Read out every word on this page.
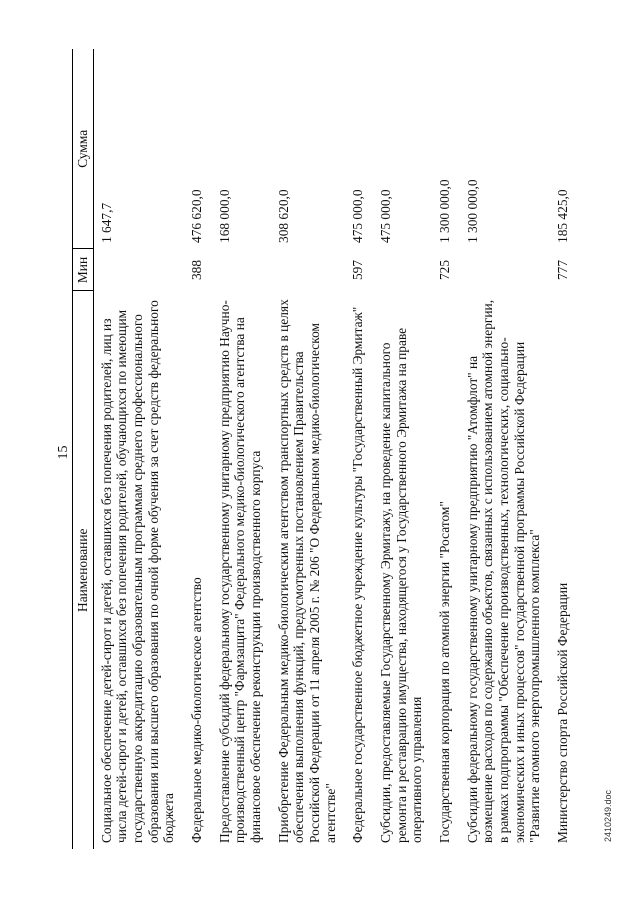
15
Наименование	Мин	Сумма
Социальное обеспечение детей-сирот и детей, оставшихся без попечения родителей, лиц из числа детей-сирот и детей, оставшихся без попечения родителей, обучающихся по имеющим государственную аккредитацию образовательным программам среднего профессионального образования или высшего образования по очной форме обучения за счет средств федерального бюджета		1 647,7
Федеральное медико-биологическое агентство	388	476 620,0
Предоставление субсидий федеральному государственному унитарному предприятию Научно-производственный центр "Фармзащита" Федерального медико-биологического агентства на финансовое обеспечение реконструкции производственного корпуса		168 000,0
Приобретение Федеральным медико-биологическим агентством транспортных средств в целях обеспечения выполнения функций, предусмотренных постановлением Правительства Российской Федерации от 11 апреля 2005 г. № 206 "О Федеральном медико-биологическом агентстве"		308 620,0
Федеральное государственное бюджетное учреждение культуры "Государственный Эрмитаж"	597	475 000,0
Субсидии, предоставляемые Государственному Эрмитажу, на проведение капитального ремонта и реставрацию имущества, находящегося у Государственного Эрмитажа на праве оперативного управления		475 000,0
Государственная корпорация по атомной энергии "Росатом"	725	1 300 000,0
Субсидии федеральному государственному унитарному предприятию "Атомфлот" на возмещение расходов по содержанию объектов, связанных с использованием атомной энергии, в рамках подпрограммы "Обеспечение производственных, технологических, социально-экономических и иных процессов" государственной программы Российской Федерации "Развитие атомного энергопромышленного комплекса"		1 300 000,0
Министерство спорта Российской Федерации	777	185 425,0
2410249.doc
